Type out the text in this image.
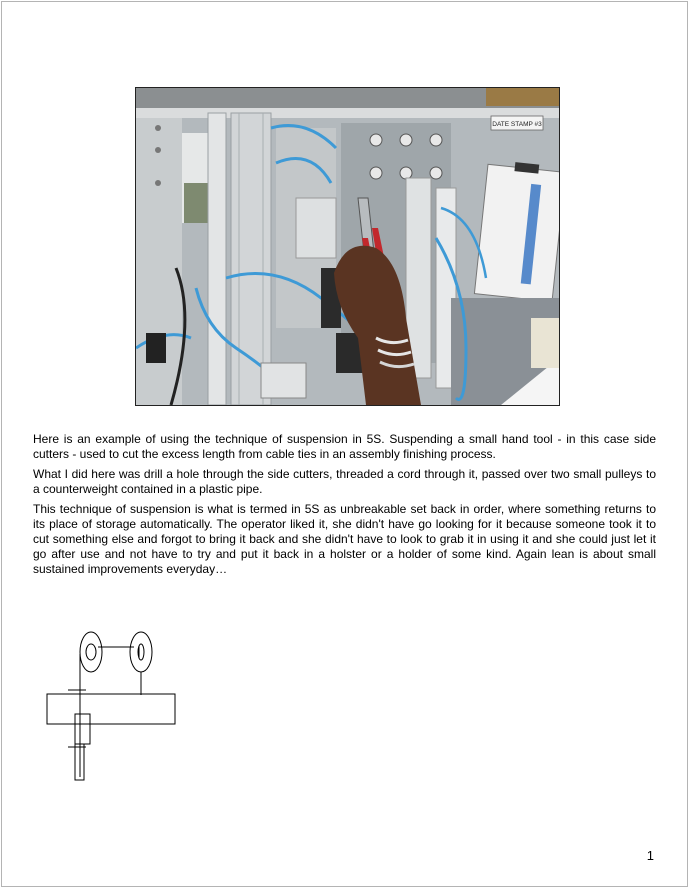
DATE STAMP #3

Here is an example of using the technique of suspension in 5S. Suspending a small hand tool - in this case side cutters - used to cut the excess length from cable ties in an assembly finishing process.

What I did here was drill a hole through the side cutters, threaded a cord through it, passed over two small pulleys to a counterweight contained in a plastic pipe.

This technique of suspension is what is termed in 5S as unbreakable set back in order, where something returns to its place of storage automatically. The operator liked it, she didn't have go looking for it because someone took it to cut something else and forgot to bring it back and she didn't have to look to grab it in using it and she could just let it go after use and not have to try and put it back in a holster or a holder of some kind. Again lean is about small sustained improvements everyday…

1
